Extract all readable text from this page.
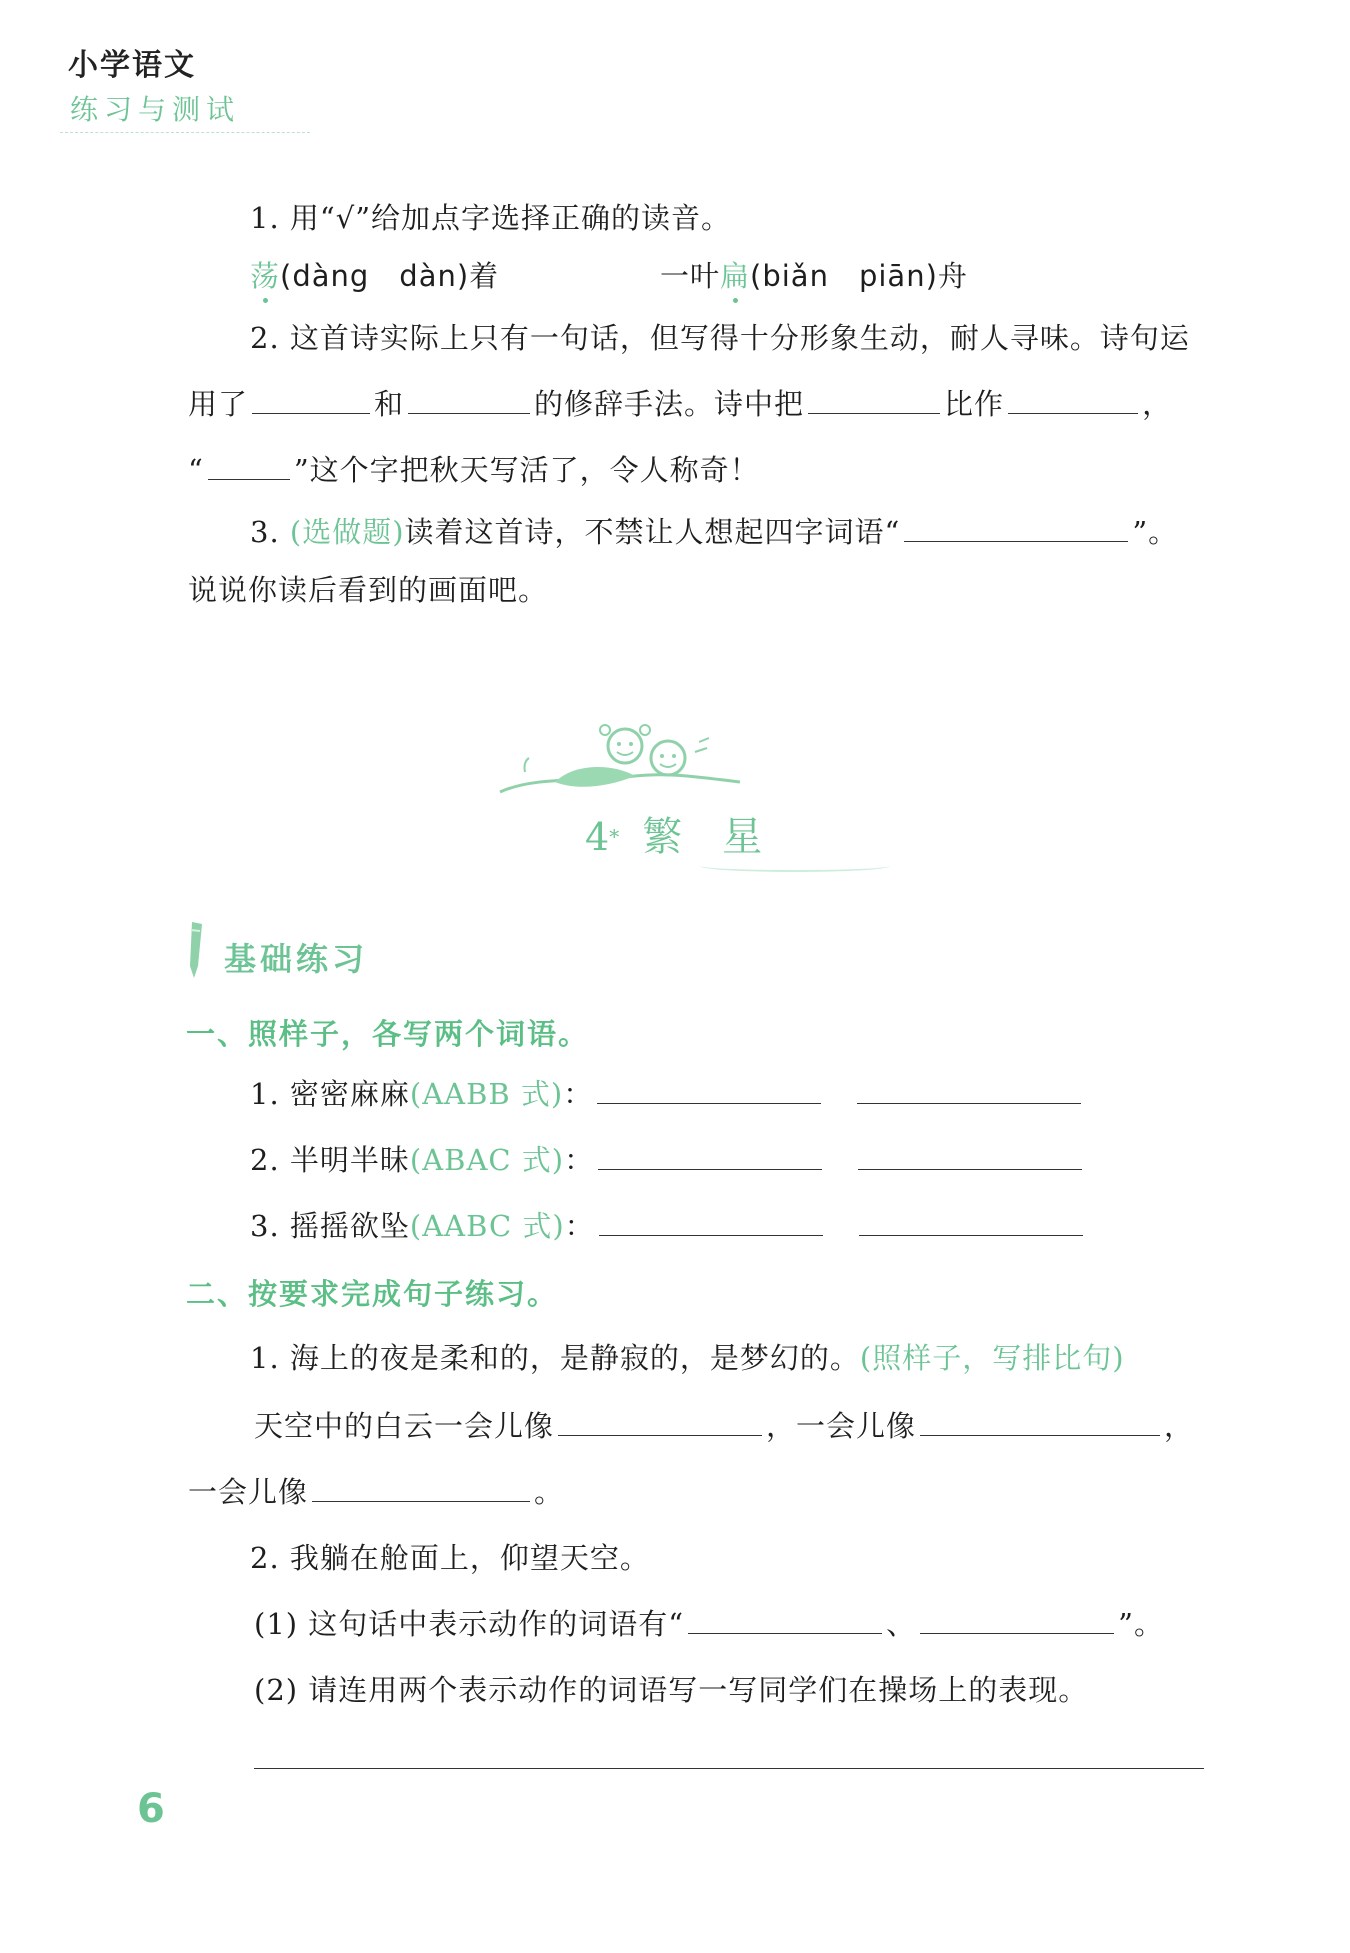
小学语文
练习与测试
1. 用“√”给加点字选择正确的读音。
荡(dàng　dàn)着	一叶扁(biǎn　piān)舟
2. 这首诗实际上只有一句话，但写得十分形象生动，耐人寻味。诗句运
用了	和	的修辞手法。诗中把	比作	，
“	”这个字把秋天写活了，令人称奇！
3. (选做题)读着这首诗，不禁让人想起四字词语“	”。
说说你读后看到的画面吧。
4* 繁　星
基础练习
一、照样子，各写两个词语。
1. 密密麻麻(AABB 式)：
2. 半明半昧(ABAC 式)：
3. 摇摇欲坠(AABC 式)：
二、按要求完成句子练习。
1. 海上的夜是柔和的，是静寂的，是梦幻的。(照样子，写排比句)
天空中的白云一会儿像	，一会儿像	，
一会儿像	。
2. 我躺在舱面上，仰望天空。
(1) 这句话中表示动作的词语有“	、	”。
(2) 请连用两个表示动作的词语写一写同学们在操场上的表现。
6
